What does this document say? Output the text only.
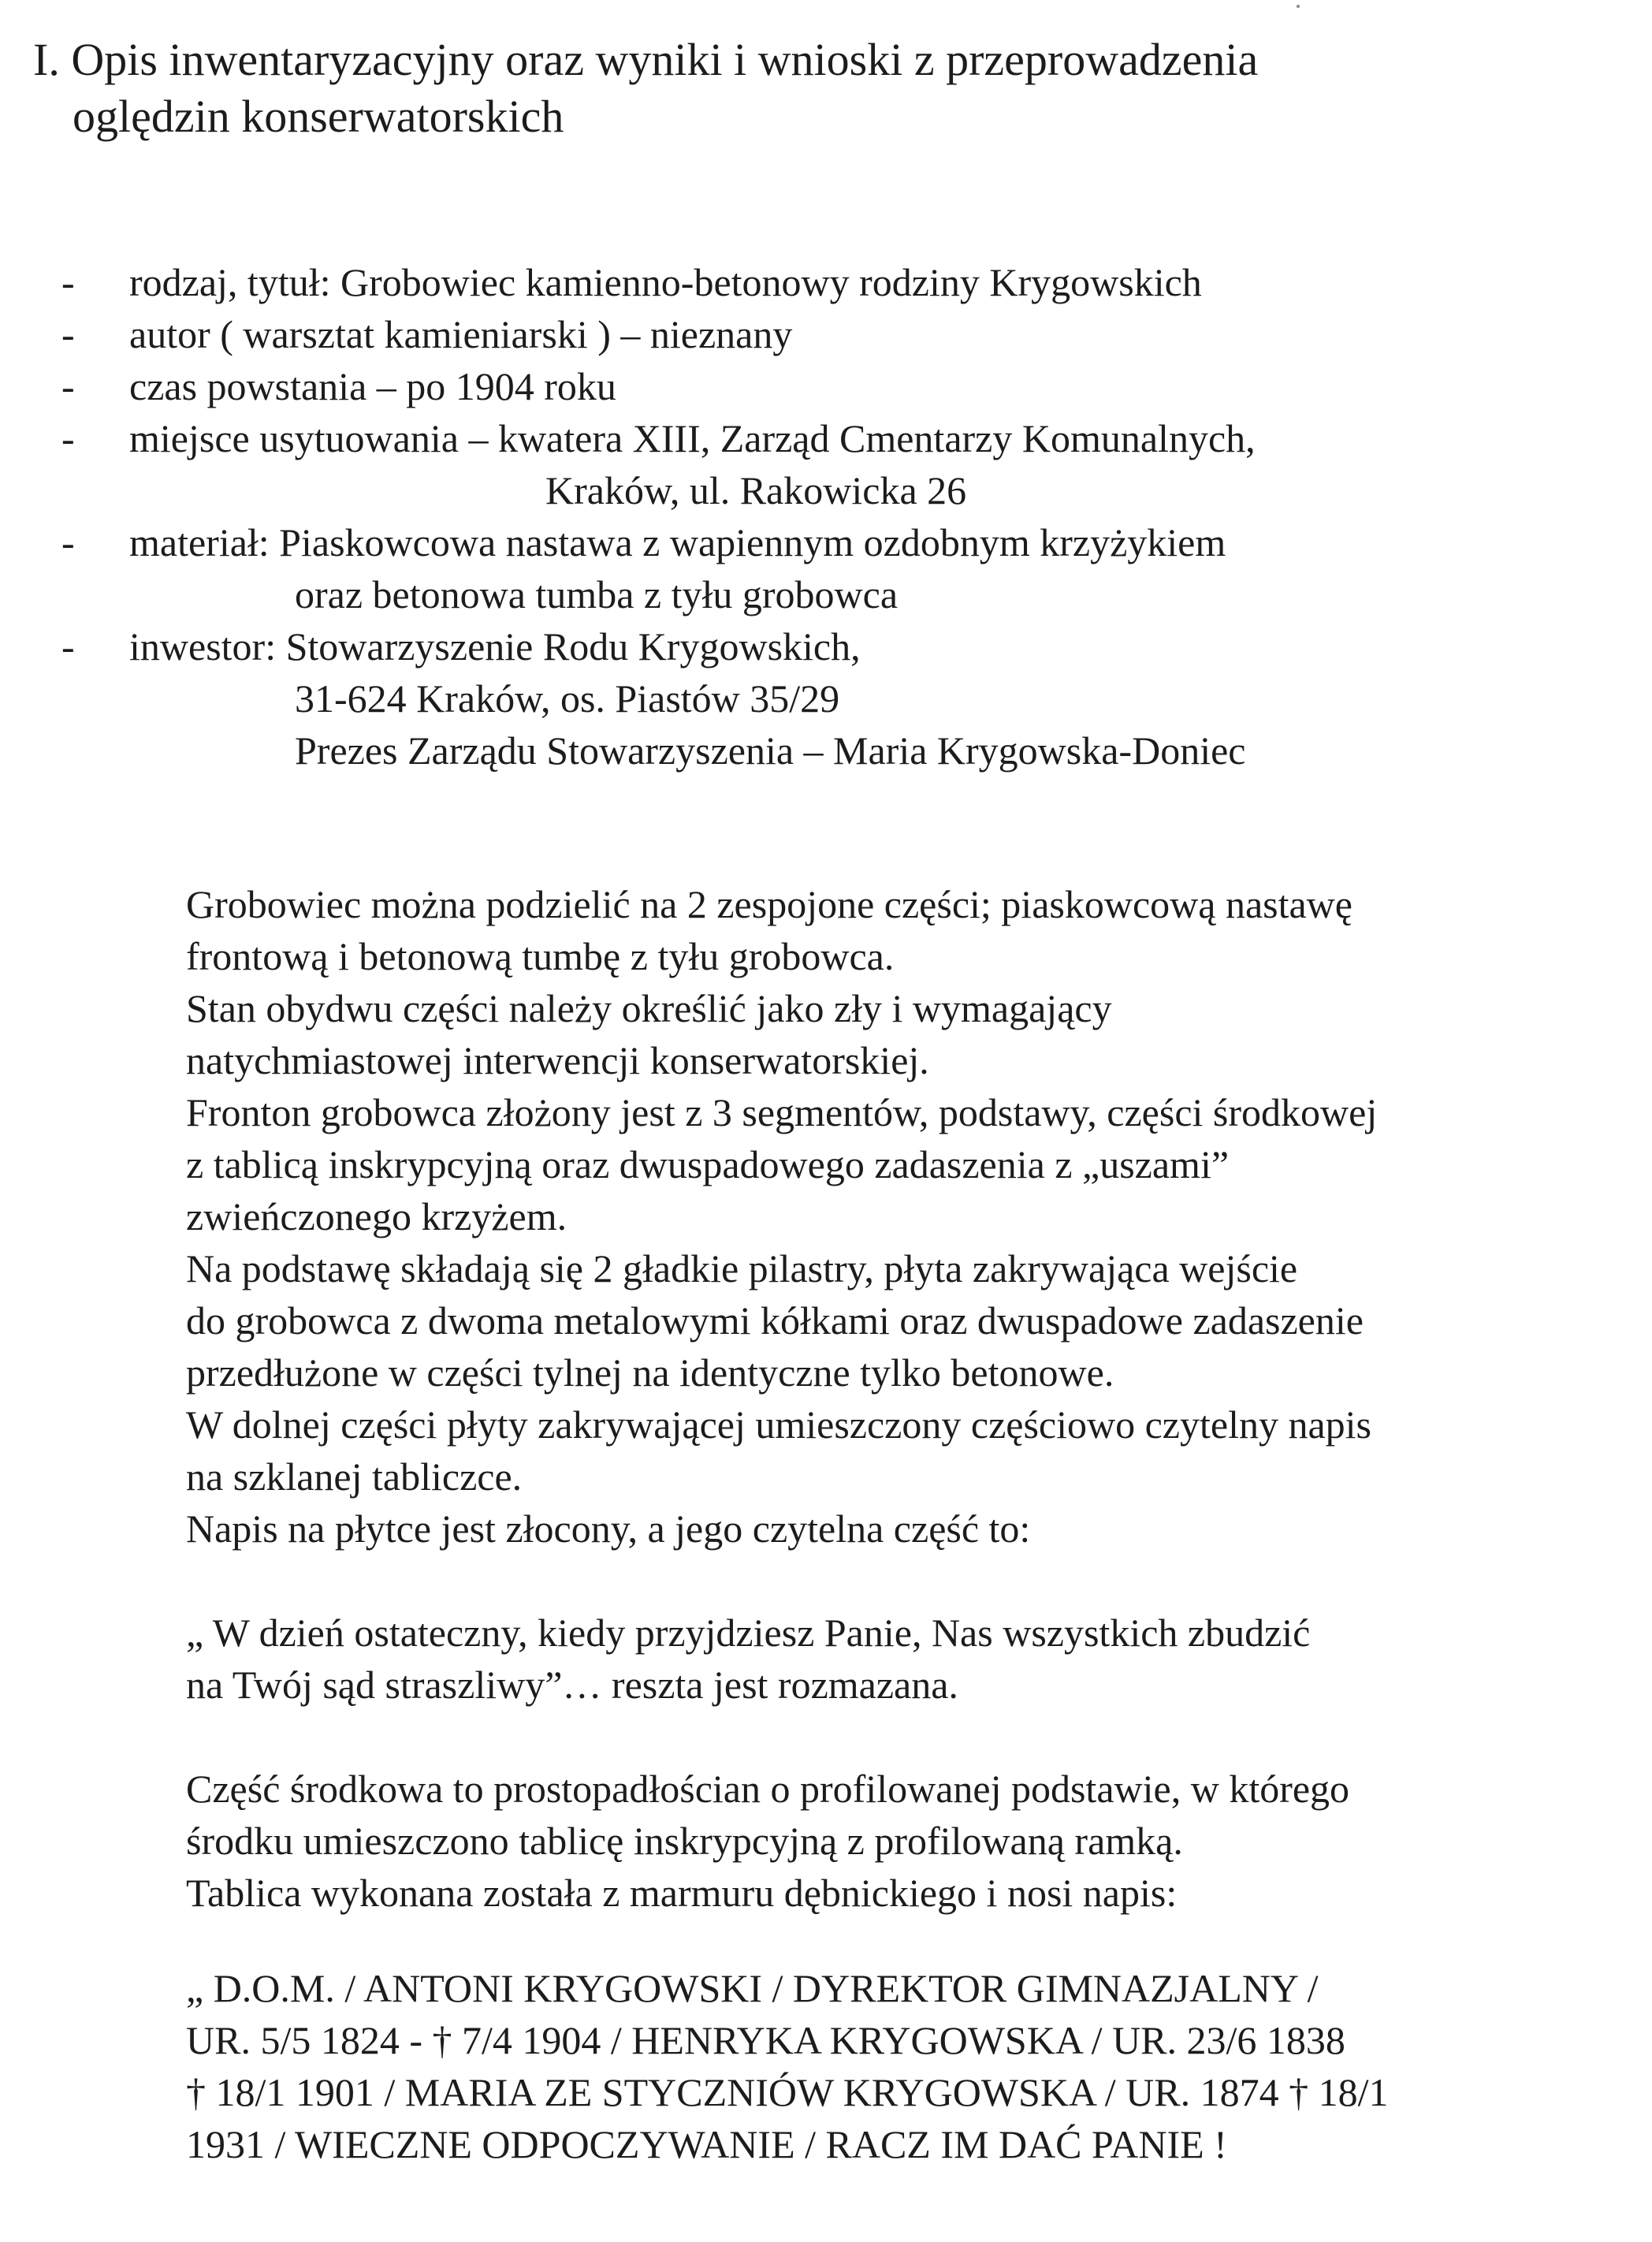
I. Opis inwentaryzacyjny oraz wyniki i wnioski z przeprowadzenia
oględzin konserwatorskich
- rodzaj, tytuł: Grobowiec kamienno-betonowy rodziny Krygowskich
- autor ( warsztat kamieniarski ) – nieznany
- czas powstania – po 1904 roku
- miejsce usytuowania – kwatera XIII, Zarząd Cmentarzy Komunalnych,
Kraków, ul. Rakowicka 26
- materiał: Piaskowcowa nastawa z wapiennym ozdobnym krzyżykiem
oraz betonowa tumba z tyłu grobowca
- inwestor: Stowarzyszenie Rodu Krygowskich,
31-624 Kraków, os. Piastów 35/29
Prezes Zarządu Stowarzyszenia – Maria Krygowska-Doniec
Grobowiec można podzielić na 2 zespojone części; piaskowcową nastawę
frontową i betonową tumbę z tyłu grobowca.
Stan obydwu części należy określić jako zły i wymagający
natychmiastowej interwencji konserwatorskiej.
Fronton grobowca złożony jest z 3 segmentów, podstawy, części środkowej
z tablicą inskrypcyjną oraz dwuspadowego zadaszenia z „uszami”
zwieńczonego krzyżem.
Na podstawę składają się 2 gładkie pilastry, płyta zakrywająca wejście
do grobowca z dwoma metalowymi kółkami oraz dwuspadowe zadaszenie
przedłużone w części tylnej na identyczne tylko betonowe.
W dolnej części płyty zakrywającej umieszczony częściowo czytelny napis
na szklanej tabliczce.
Napis na płytce jest złocony, a jego czytelna część to:
„ W dzień ostateczny, kiedy przyjdziesz Panie, Nas wszystkich zbudzić
na Twój sąd straszliwy”… reszta jest rozmazana.
Część środkowa to prostopadłościan o profilowanej podstawie, w którego
środku umieszczono tablicę inskrypcyjną z profilowaną ramką.
Tablica wykonana została z marmuru dębnickiego i nosi napis:
„ D.O.M. / ANTONI KRYGOWSKI / DYREKTOR GIMNAZJALNY /
UR. 5/5 1824 - † 7/4 1904 / HENRYKA KRYGOWSKA / UR. 23/6 1838
† 18/1 1901 / MARIA ZE STYCZNIÓW KRYGOWSKA / UR. 1874 † 18/1
1931 / WIECZNE ODPOCZYWANIE / RACZ IM DAĆ PANIE !
